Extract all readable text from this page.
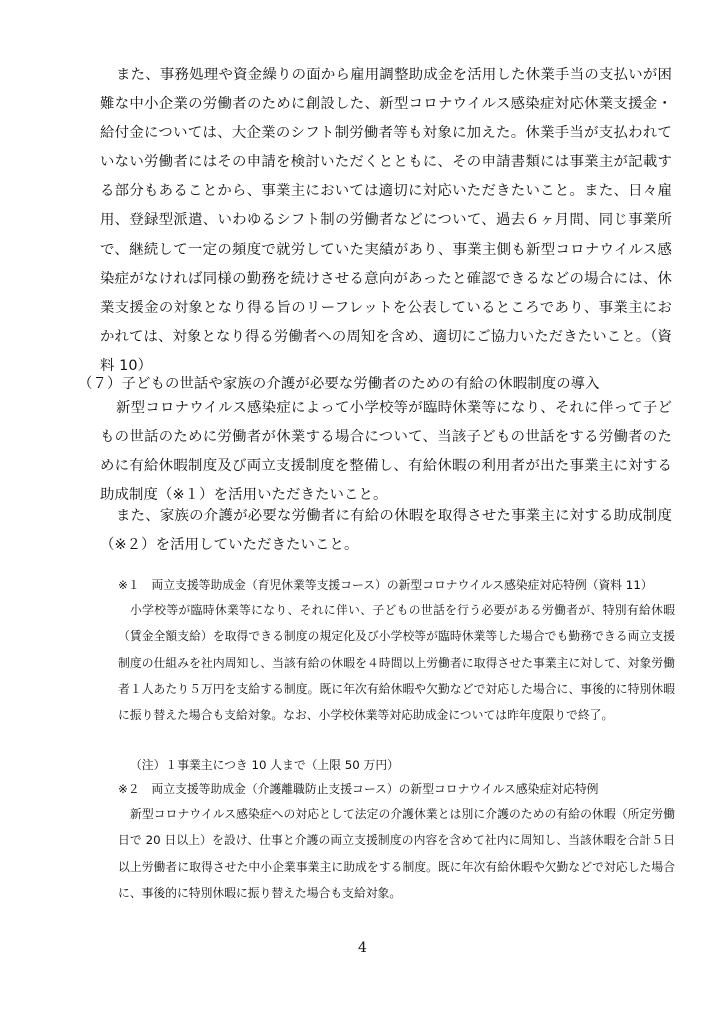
また、事務処理や資金繰りの面から雇用調整助成金を活用した休業手当の支払いが困難な中小企業の労働者のために創設した、新型コロナウイルス感染症対応休業支援金・給付金については、大企業のシフト制労働者等も対象に加えた。休業手当が支払われていない労働者にはその申請を検討いただくとともに、その申請書類には事業主が記載する部分もあることから、事業主においては適切に対応いただきたいこと。また、日々雇用、登録型派遣、いわゆるシフト制の労働者などについて、過去６ヶ月間、同じ事業所で、継続して一定の頻度で就労していた実績があり、事業主側も新型コロナウイルス感染症がなければ同様の勤務を続けさせる意向があったと確認できるなどの場合には、休業支援金の対象となり得る旨のリーフレットを公表しているところであり、事業主におかれては、対象となり得る労働者への周知を含め、適切にご協力いただきたいこと。（資料 10）

（７）子どもの世話や家族の介護が必要な労働者のための有給の休暇制度の導入

新型コロナウイルス感染症によって小学校等が臨時休業等になり、それに伴って子どもの世話のために労働者が休業する場合について、当該子どもの世話をする労働者のために有給休暇制度及び両立支援制度を整備し、有給休暇の利用者が出た事業主に対する助成制度（※１）を活用いただきたいこと。

また、家族の介護が必要な労働者に有給の休暇を取得させた事業主に対する助成制度（※２）を活用していただきたいこと。

※１　両立支援等助成金（育児休業等支援コース）の新型コロナウイルス感染症対応特例（資料 11）

小学校等が臨時休業等になり、それに伴い、子どもの世話を行う必要がある労働者が、特別有給休暇（賃金全額支給）を取得できる制度の規定化及び小学校等が臨時休業等した場合でも勤務できる両立支援制度の仕組みを社内周知し、当該有給の休暇を４時間以上労働者に取得させた事業主に対して、対象労働者１人あたり５万円を支給する制度。既に年次有給休暇や欠勤などで対応した場合に、事後的に特別休暇に振り替えた場合も支給対象。なお、小学校休業等対応助成金については昨年度限りで終了。

（注）１事業主につき 10 人まで（上限 50 万円）

※２　両立支援等助成金（介護離職防止支援コース）の新型コロナウイルス感染症対応特例

新型コロナウイルス感染症への対応として法定の介護休業とは別に介護のための有給の休暇（所定労働日で 20 日以上）を設け、仕事と介護の両立支援制度の内容を含めて社内に周知し、当該休暇を合計５日以上労働者に取得させた中小企業事業主に助成をする制度。既に年次有給休暇や欠勤などで対応した場合に、事後的に特別休暇に振り替えた場合も支給対象。

4
